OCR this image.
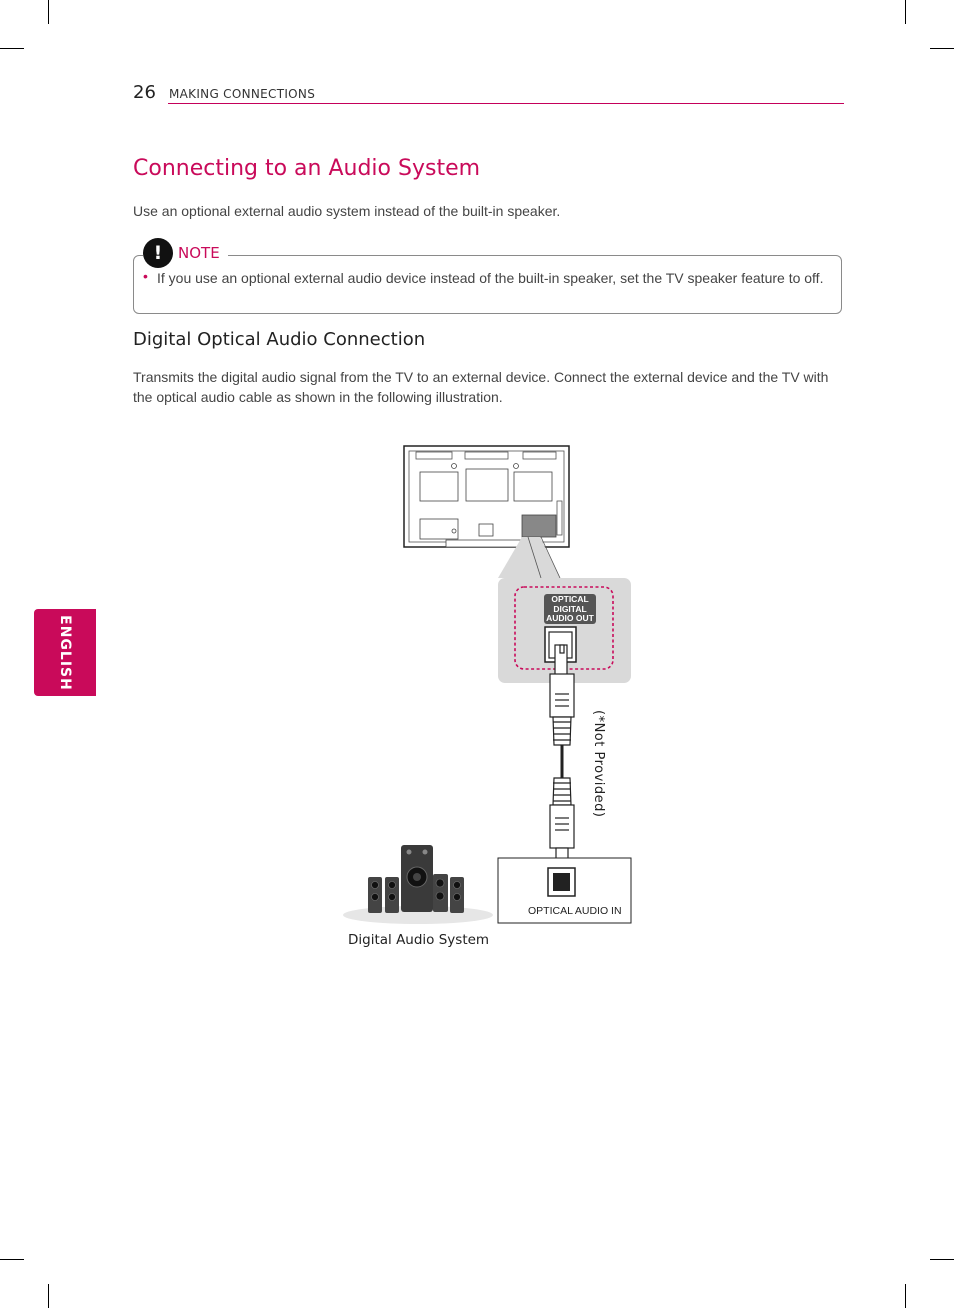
26 MAKING CONNECTIONS
Connecting to an Audio System
Use an optional external audio system instead of the built-in speaker.
!	NOTE
• If you use an optional external audio device instead of the built-in speaker, set the TV speaker feature to off.
Digital Optical Audio Connection
Transmits the digital audio signal from the TV to an external device. Connect the external device and the TV with the optical audio cable as shown in the following illustration.
ENGLISH
OPTICAL
DIGITAL
AUDIO OUT
(*Not Provided)
OPTICAL AUDIO IN
Digital Audio System
